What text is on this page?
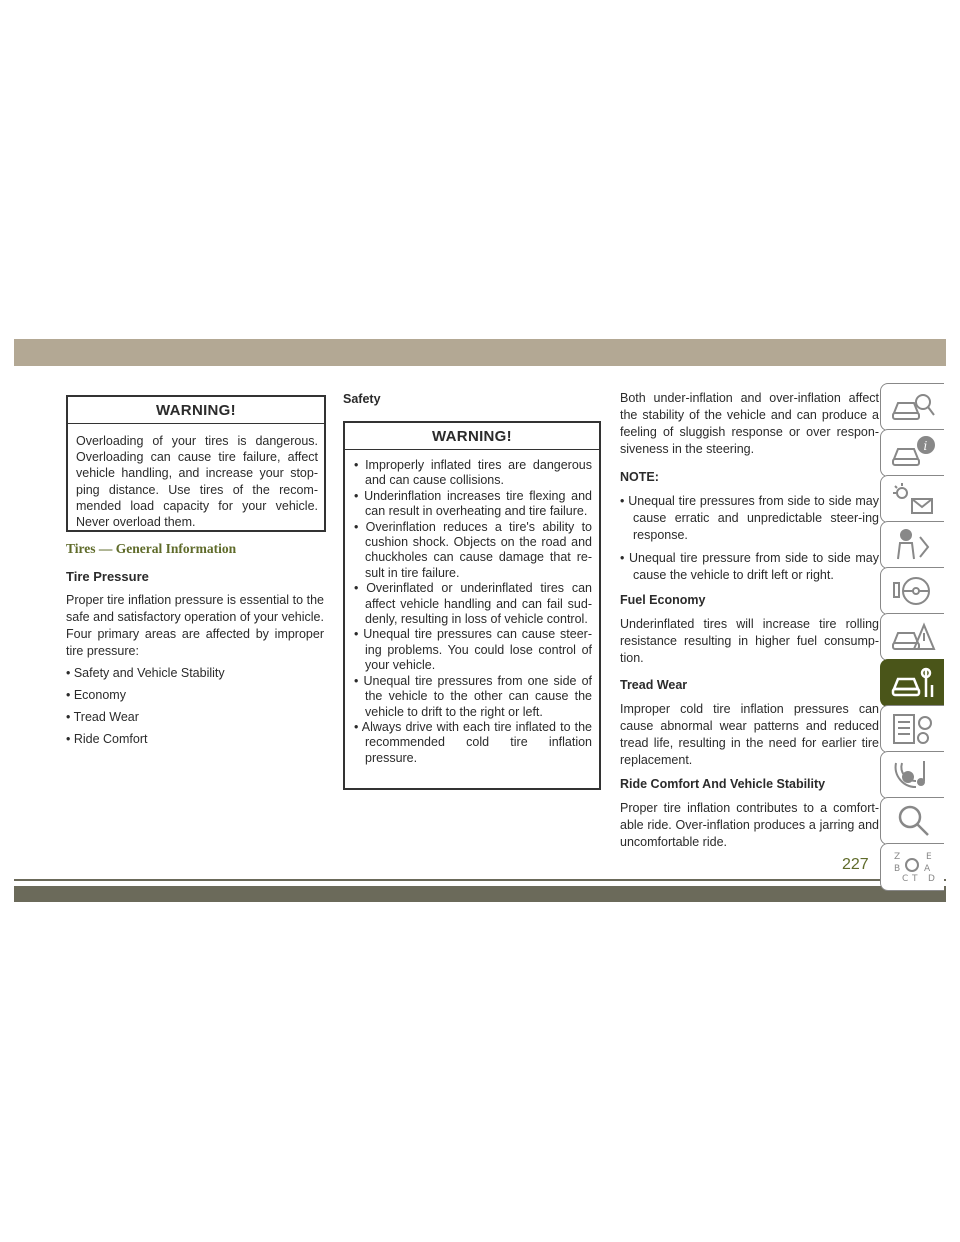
WARNING!
Overloading of your tires is dangerous. Overloading can cause tire failure, affect vehicle handling, and increase your stop-ping distance. Use tires of the recom-mended load capacity for your vehicle. Never overload them.
Tires — General Information
Tire Pressure

Proper tire inflation pressure is essential to the safe and satisfactory operation of your vehicle. Four primary areas are affected by improper tire pressure:

• Safety and Vehicle Stability
• Economy
• Tread Wear
• Ride Comfort
Safety
WARNING!
• Improperly inflated tires are dangerous and can cause collisions.
• Underinflation increases tire flexing and can result in overheating and tire failure.
• Overinflation reduces a tire's ability to cushion shock. Objects on the road and chuckholes can cause damage that re-sult in tire failure.
• Overinflated or underinflated tires can affect vehicle handling and can fail sud-denly, resulting in loss of vehicle control.
• Unequal tire pressures can cause steer-ing problems. You could lose control of your vehicle.
• Unequal tire pressures from one side of the vehicle to the other can cause the vehicle to drift to the right or left.
• Always drive with each tire inflated to the recommended cold tire inflation pressure.

Both under-inflation and over-inflation affect the stability of the vehicle and can produce a feeling of sluggish response or over respon-siveness in the steering.

NOTE:

• Unequal tire pressures from side to side may cause erratic and unpredictable steer-ing response.

• Unequal tire pressure from side to side may cause the vehicle to drift left or right.

Fuel Economy

Underinflated tires will increase tire rolling resistance resulting in higher fuel consump-tion.

Tread Wear

Improper cold tire inflation pressures can cause abnormal wear patterns and reduced tread life, resulting in the need for earlier tire replacement.

Ride Comfort And Vehicle Stability

Proper tire inflation contributes to a comfort-able ride. Over-inflation produces a jarring and uncomfortable ride.

227
i
Z	E
B	A
C T D
